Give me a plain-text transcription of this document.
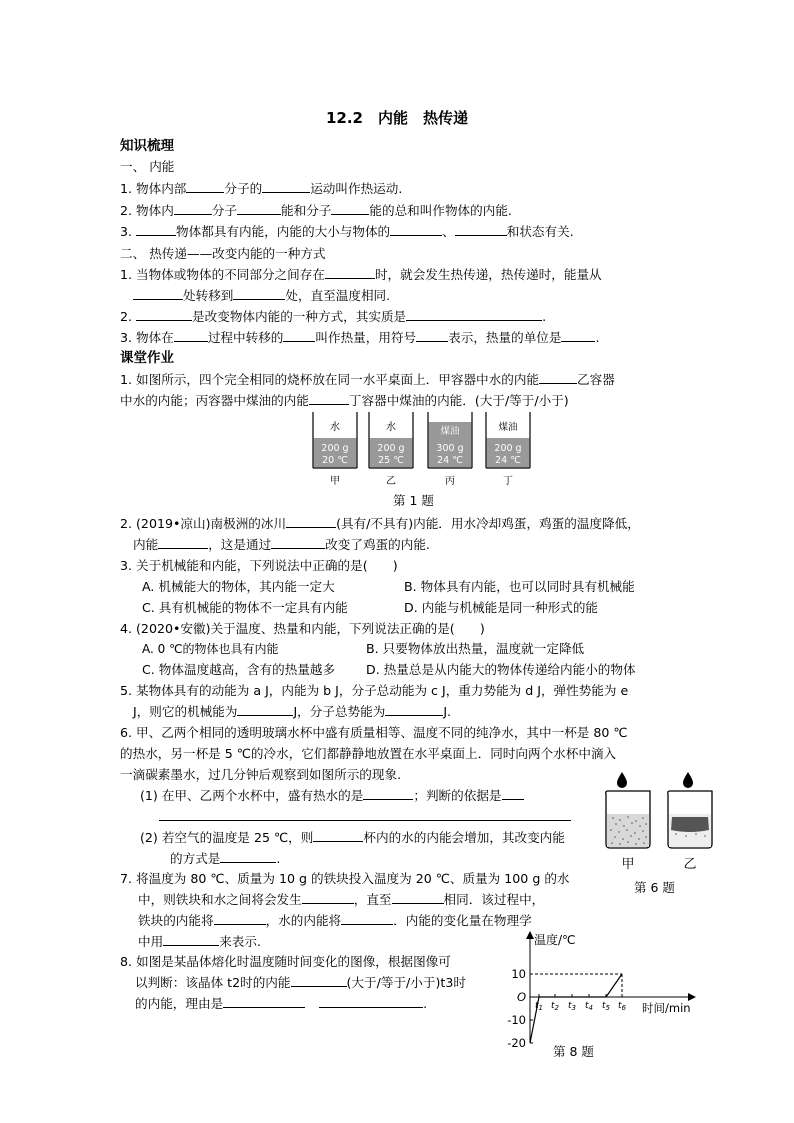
12.2　内能　热传递
知识梳理
一、 内能
1. 物体内部	分子的	运动叫作热运动.
2. 物体内	分子	能和分子	能的总和叫作物体的内能.
3.	物体都具有内能，内能的大小与物体的	、	和状态有关.
二、 热传递——改变内能的一种方式
1. 当物体或物体的不同部分之间存在	时，就会发生热传递，热传递时，能量从
处转移到	处，直至温度相同.
2.	是改变物体内能的一种方式，其实质是	.
3. 物体在	过程中转移的	叫作热量，用符号	表示，热量的单位是	.
课堂作业
1. 如图所示，四个完全相同的烧杯放在同一水平桌面上．甲容器中水的内能	乙容器
中水的内能；丙容器中煤油的内能	丁容器中煤油的内能．(大于/等于/小于)
水
200 g
20 ℃
甲
水
200 g
25 ℃
乙
煤油
300 g
24 ℃
丙
煤油
200 g
24 ℃
丁
第 1 题
2. (2019•凉山)南极洲的冰川	(具有/不具有)内能．用水冷却鸡蛋，鸡蛋的温度降低，
内能	，这是通过	改变了鸡蛋的内能.
3. 关于机械能和内能，下列说法中正确的是(　　)
A. 机械能大的物体，其内能一定大	B. 物体具有内能，也可以同时具有机械能
C. 具有机械能的物体不一定具有内能	D. 内能与机械能是同一种形式的能
4. (2020•安徽)关于温度、热量和内能，下列说法正确的是(　　)
A. 0 ℃的物体也具有内能	B. 只要物体放出热量，温度就一定降低
C. 物体温度越高，含有的热量越多 D. 热量总是从内能大的物体传递给内能小的物体
5. 某物体具有的动能为 a J，内能为 b J，分子总动能为 c J，重力势能为 d J，弹性势能为 e
J，则它的机械能为	J，分子总势能为	J.
6. 甲、乙两个相同的透明玻璃水杯中盛有质量相等、温度不同的纯净水，其中一杯是 80 ℃
的热水，另一杯是 5 ℃的冷水，它们都静静地放置在水平桌面上．同时向两个水杯中滴入
一滴碳素墨水，过几分钟后观察到如图所示的现象.
(1) 在甲、乙两个水杯中，盛有热水的是	；判断的依据是
(2) 若空气的温度是 25 ℃，则	杯内的水的内能会增加，其改变内能
的方式是	.	甲	乙
第 6 题
7. 将温度为 80 ℃、质量为 10 g 的铁块投入温度为 20 ℃、质量为 100 g 的水
中，则铁块和水之间将会发生	，直至	相同．该过程中，
铁块的内能将	，水的内能将	．内能的变化量在物理学
中用	来表示.
8. 如图是某晶体熔化时温度随时间变化的图像，根据图像可
以判断：该晶体 t2时的内能	(大于/等于/小于)t3时
的内能，理由是	.
温度/℃
时间/min
10
O
-10
-20
$t_1$ $t_2$ $t_3$ $t_4$ $t_5$ $t_6$
第 8 题
